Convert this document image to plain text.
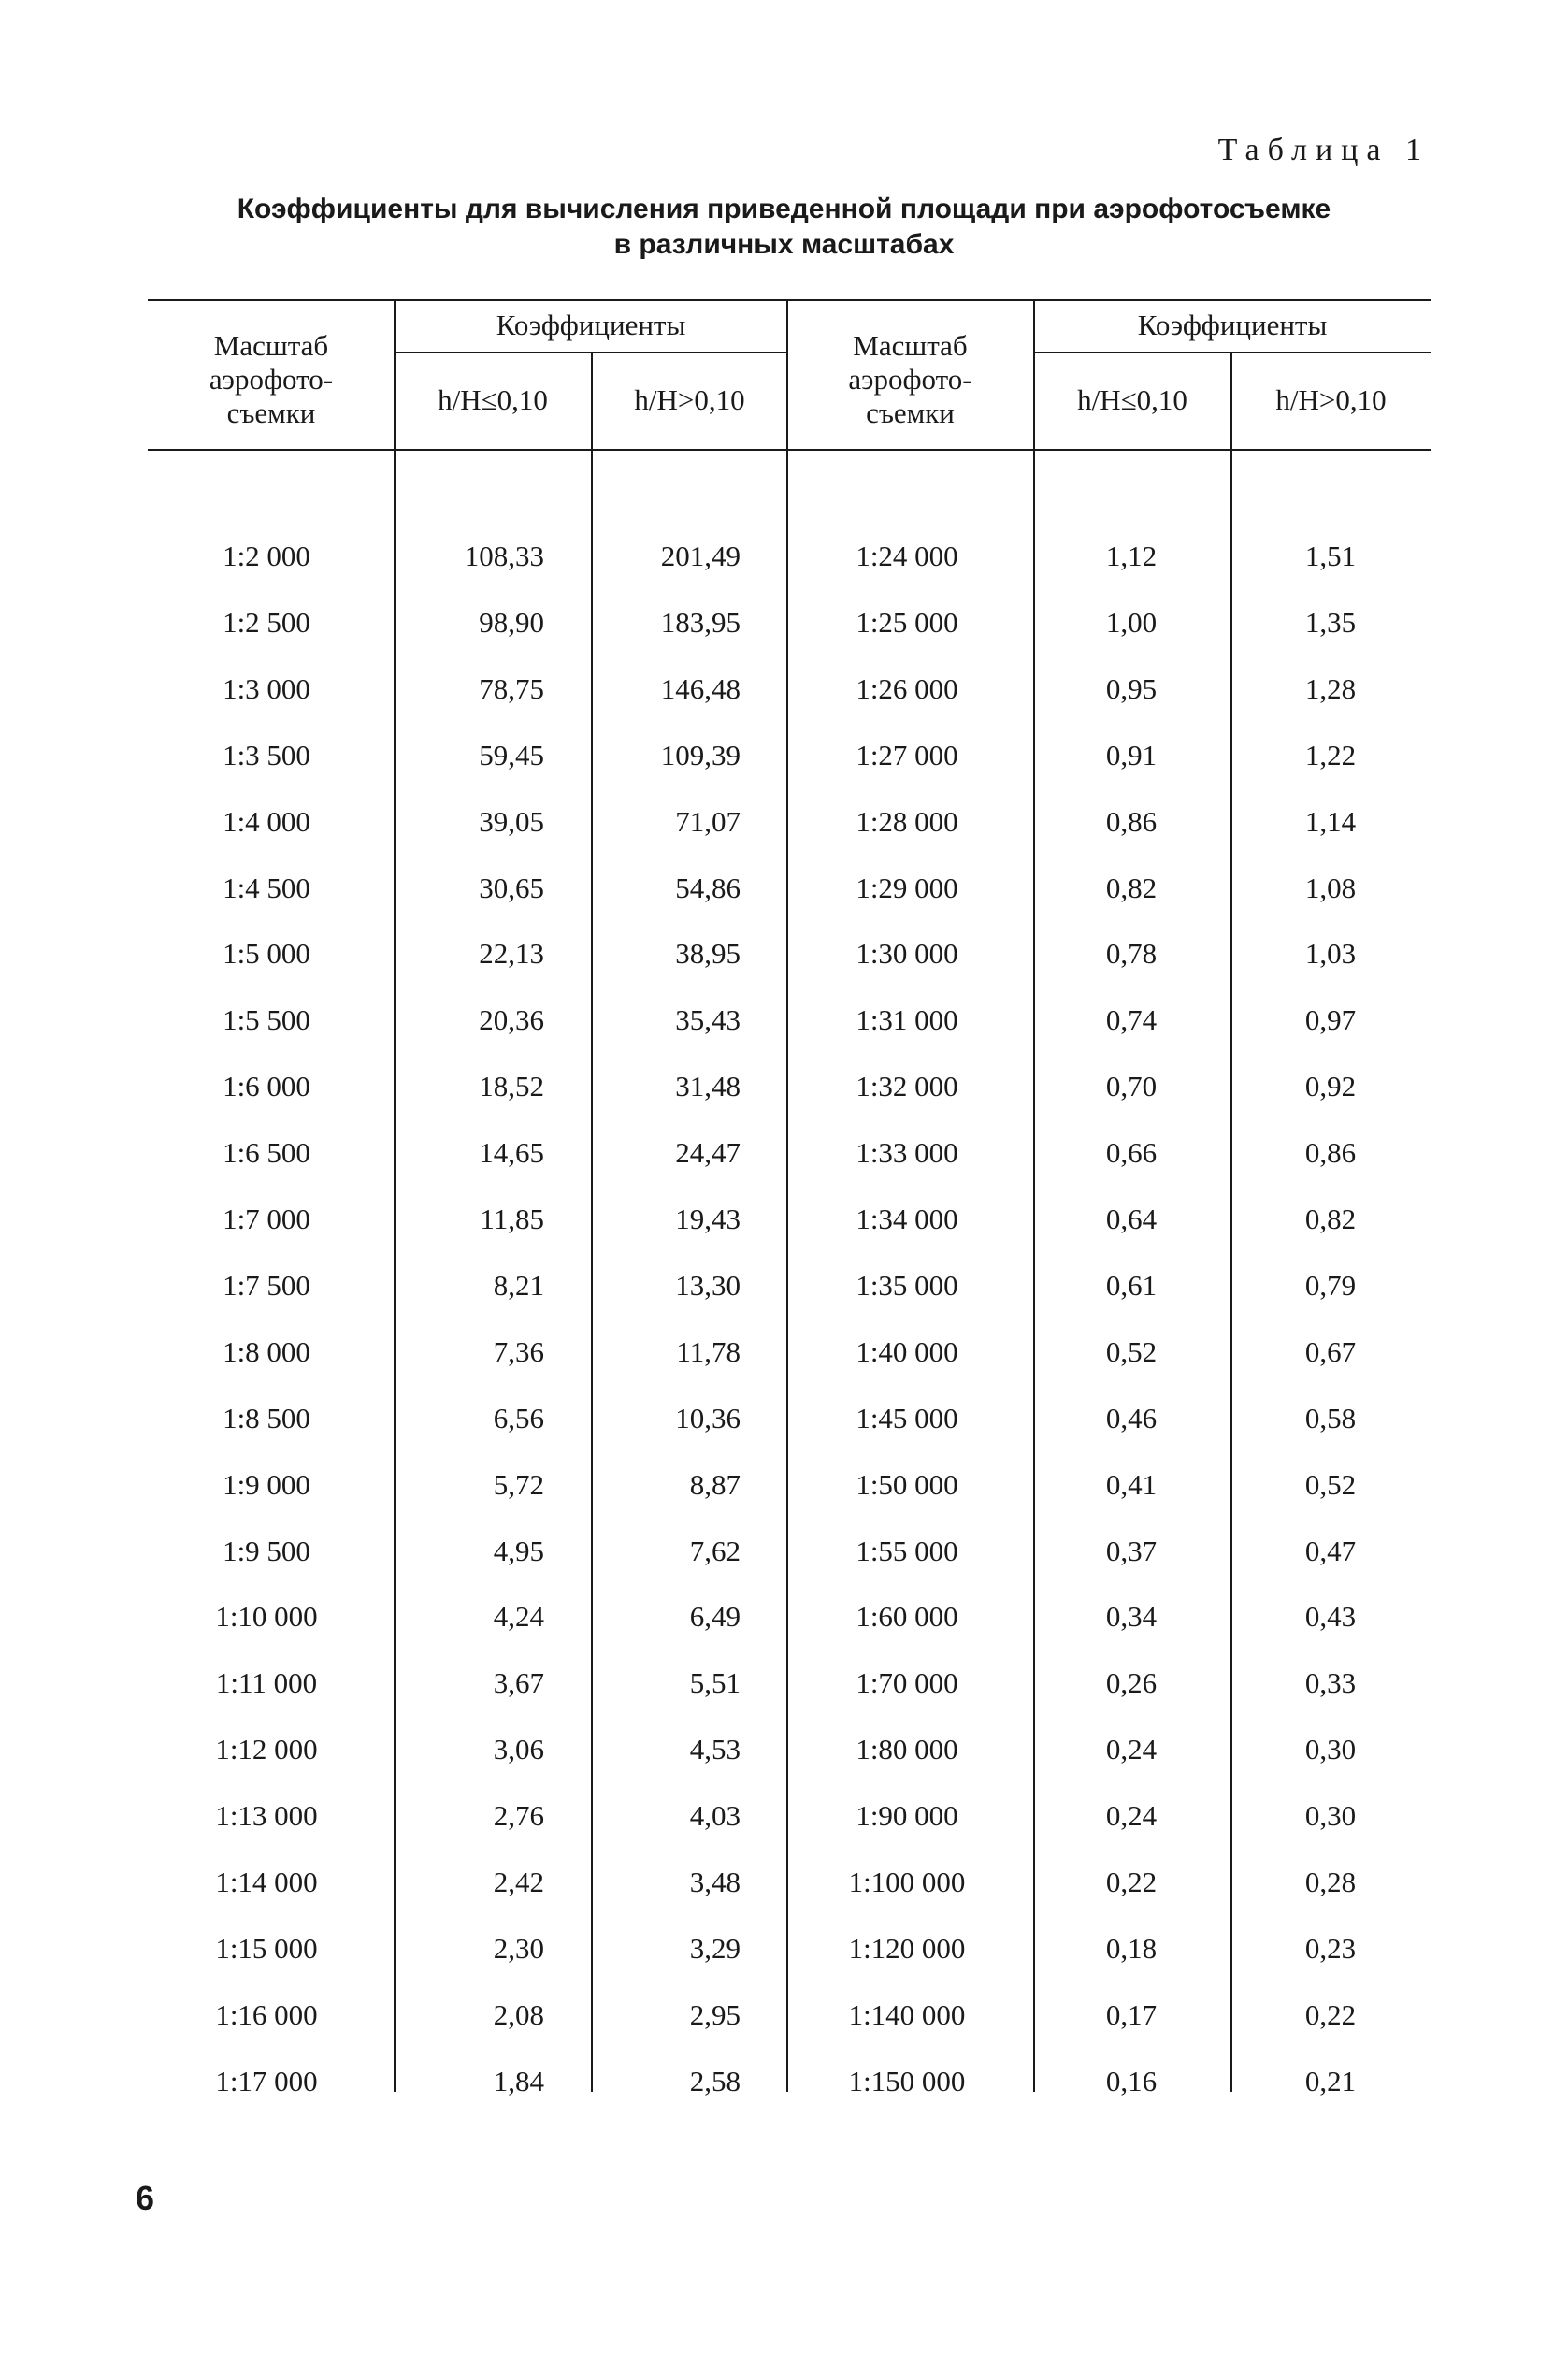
Таблица 1
Коэффициенты для вычисления приведенной площади при аэрофотосъемке
в различных масштабах
Масштаб
аэрофото-
съемки
Коэффициенты
h/H≤0,10	h/H>0,10
Масштаб
аэрофото-
съемки
Коэффициенты
h/H≤0,10	h/H>0,10
1:2 000	108,33	201,49	1:24 000	1,12	1,51
1:2 500	98,90	183,95	1:25 000	1,00	1,35
1:3 000	78,75	146,48	1:26 000	0,95	1,28
1:3 500	59,45	109,39	1:27 000	0,91	1,22
1:4 000	39,05	71,07	1:28 000	0,86	1,14
1:4 500	30,65	54,86	1:29 000	0,82	1,08
1:5 000	22,13	38,95	1:30 000	0,78	1,03
1:5 500	20,36	35,43	1:31 000	0,74	0,97
1:6 000	18,52	31,48	1:32 000	0,70	0,92
1:6 500	14,65	24,47	1:33 000	0,66	0,86
1:7 000	11,85	19,43	1:34 000	0,64	0,82
1:7 500	8,21	13,30	1:35 000	0,61	0,79
1:8 000	7,36	11,78	1:40 000	0,52	0,67
1:8 500	6,56	10,36	1:45 000	0,46	0,58
1:9 000	5,72	8,87	1:50 000	0,41	0,52
1:9 500	4,95	7,62	1:55 000	0,37	0,47
1:10 000	4,24	6,49	1:60 000	0,34	0,43
1:11 000	3,67	5,51	1:70 000	0,26	0,33
1:12 000	3,06	4,53	1:80 000	0,24	0,30
1:13 000	2,76	4,03	1:90 000	0,24	0,30
1:14 000	2,42	3,48	1:100 000	0,22	0,28
1:15 000	2,30	3,29	1:120 000	0,18	0,23
1:16 000	2,08	2,95	1:140 000	0,17	0,22
1:17 000	1,84	2,58	1:150 000	0,16	0,21
6
